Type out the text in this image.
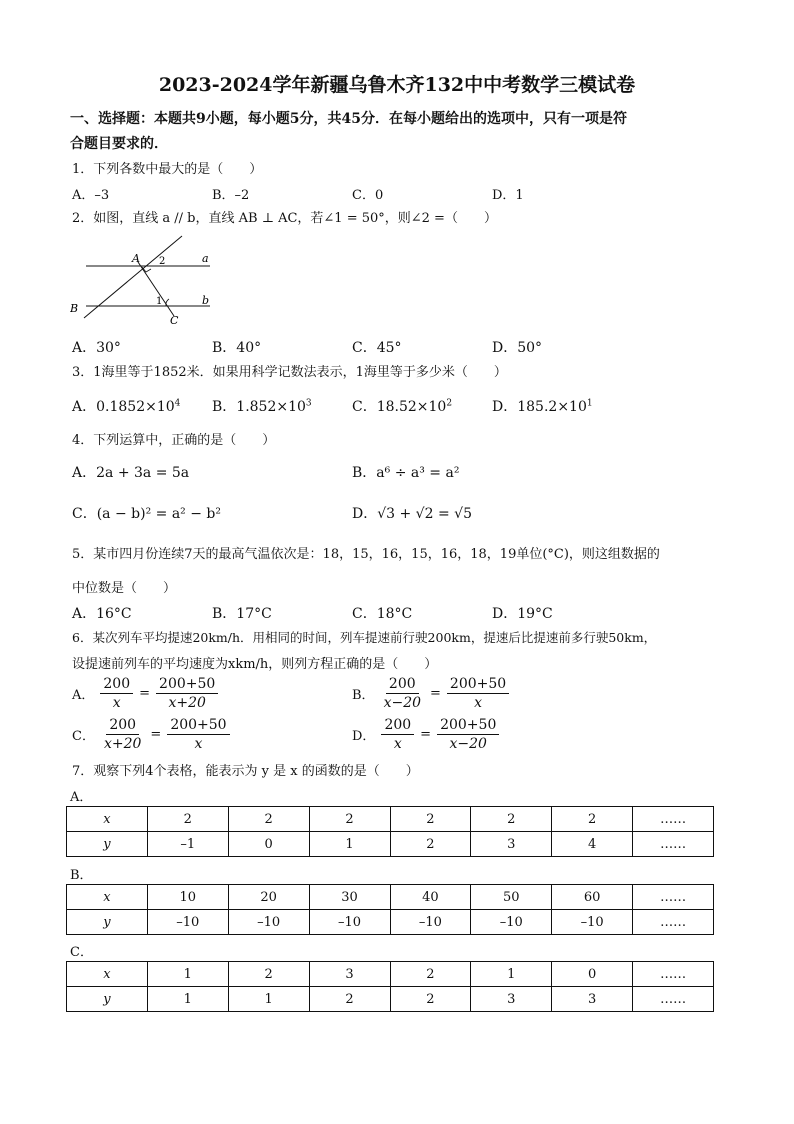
2023-2024学年新疆乌鲁木齐132中中考数学三模试卷
一、选择题：本题共9小题，每小题5分，共45分．在每小题给出的选项中，只有一项是符
合题目要求的．
1．下列各数中最大的是（　　）
A．–3	B．–2	C．0	D．1
2．如图，直线 a // b，直线 AB ⊥ AC，若∠1 = 50°，则∠2 =（　　）
A
B
C
a
b
1
2
A．30°	B．40°	C．45°	D．50°
3．1海里等于1852米．如果用科学记数法表示，1海里等于多少米（　　）
A．$0.1852\times 10^4$ B．$1.852\times 10^3$	C．$18.52\times 10^2$	D．$185.2\times 10^1$
4．下列运算中，正确的是（　　）
A．2a + 3a = 5a	B．a⁶ ÷ a³ = a²
C．(a − b)² = a² − b²	D．√3 + √2 = √5
5．某市四月份连续7天的最高气温依次是：18，15，16，15，16，18，19单位(°C)，则这组数据的
中位数是（　　）
A．16°C	B．17°C	C．18°C	D．19°C
6．某次列车平均提速20km/h．用相同的时间，列车提速前行驶200km，提速后比提速前多行驶50km，
设提速前列车的平均速度为xkm/h，则列方程正确的是（　　）
A． $\frac{200}{x} = \frac{200+50}{x+20}$	B． $\frac{200}{x-20} = \frac{200+50}{x}$
C． $\frac{200}{x+20} = \frac{200+50}{x}$	D． $\frac{200}{x} = \frac{200+50}{x-20}$
7．观察下列4个表格，能表示为 y 是 x 的函数的是（　　）
A．
x	2	2	2	2	2	2	……
y	–1	0	1	2	3	4	……
B．
x	10	20	30	40	50	60	……
y	–10	–10	–10	–10	–10	–10	……
C．
x	1	2	3	2	1	0	……
y	1	1	2	2	3	3	……
